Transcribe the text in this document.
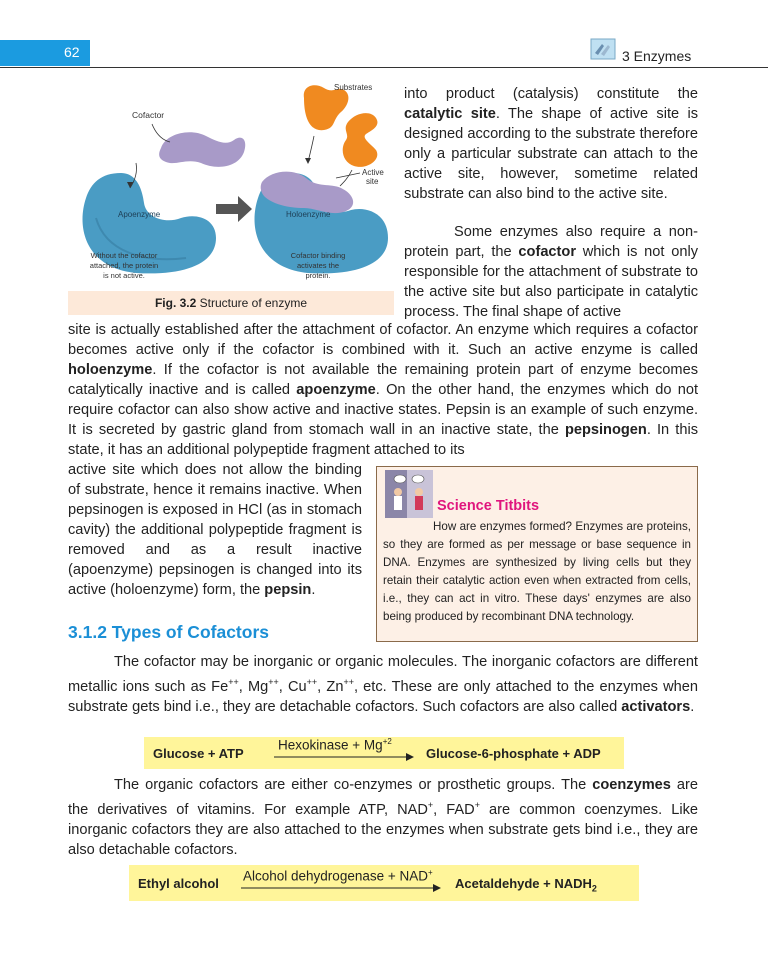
62	3 Enzymes
Cofactor
Apoenzyme	Holoenzyme
Substrates
Active
site
Without the cofactor
attached, the protein
is not active.
Cofactor binding
activates the
protein.
Fig. 3.2 Structure of enzyme

into product (catalysis) constitute the catalytic site. The shape of active site is designed according to the substrate therefore only a particular substrate can attach to the active site, however, sometime related substrate can also bind to the active site.

Some enzymes also require a non-protein part, the cofactor which is not only responsible for the attachment of substrate to the active site but also participate in catalytic process. The final shape of active

site is actually established after the attachment of cofactor. An enzyme which requires a cofactor becomes active only if the cofactor is combined with it. Such an active enzyme is called holoenzyme. If the cofactor is not available the remaining protein part of enzyme becomes catalytically inactive and is called apoenzyme. On the other hand, the enzymes which do not require cofactor can also show active and inactive states. Pepsin is an example of such enzyme. It is secreted by gastric gland from stomach wall in an inactive state, the pepsinogen. In this state, it has an additional polypeptide fragment attached to its

active site which does not allow the binding of substrate, hence it remains inactive. When pepsinogen is exposed in HCl (as in stomach cavity) the additional polypeptide fragment is removed and as a result inactive (apoenzyme) pepsinogen is changed into its active (holoenzyme) form, the pepsin.

Science Titbits

How are enzymes formed? Enzymes are proteins, so they are formed as per message or base sequence in DNA. Enzymes are synthesized by living cells but they retain their catalytic action even when extracted from cells, i.e., they can act in vitro. These days' enzymes are also being produced by recombinant DNA technology.

3.1.2 Types of Cofactors

The cofactor may be inorganic or organic molecules. The inorganic cofactors are different metallic ions such as Fe++, Mg++, Cu++, Zn++, etc. These are only attached to the enzymes when substrate gets bind i.e., they are detachable cofactors. Such cofactors are also called activators.

Glucose + ATP
Hexokinase + $Mg^{+2}$
Glucose-6-phosphate + ADP

The organic cofactors are either co-enzymes or prosthetic groups. The coenzymes are the derivatives of vitamins. For example ATP, NAD+, FAD+ are common coenzymes. Like inorganic cofactors they are also attached to the enzymes when substrate gets bind i.e., they are also detachable cofactors.

Ethyl alcohol Alcohol dehydrogenase + NAD+
Acetaldehyde + $NADH_2$
